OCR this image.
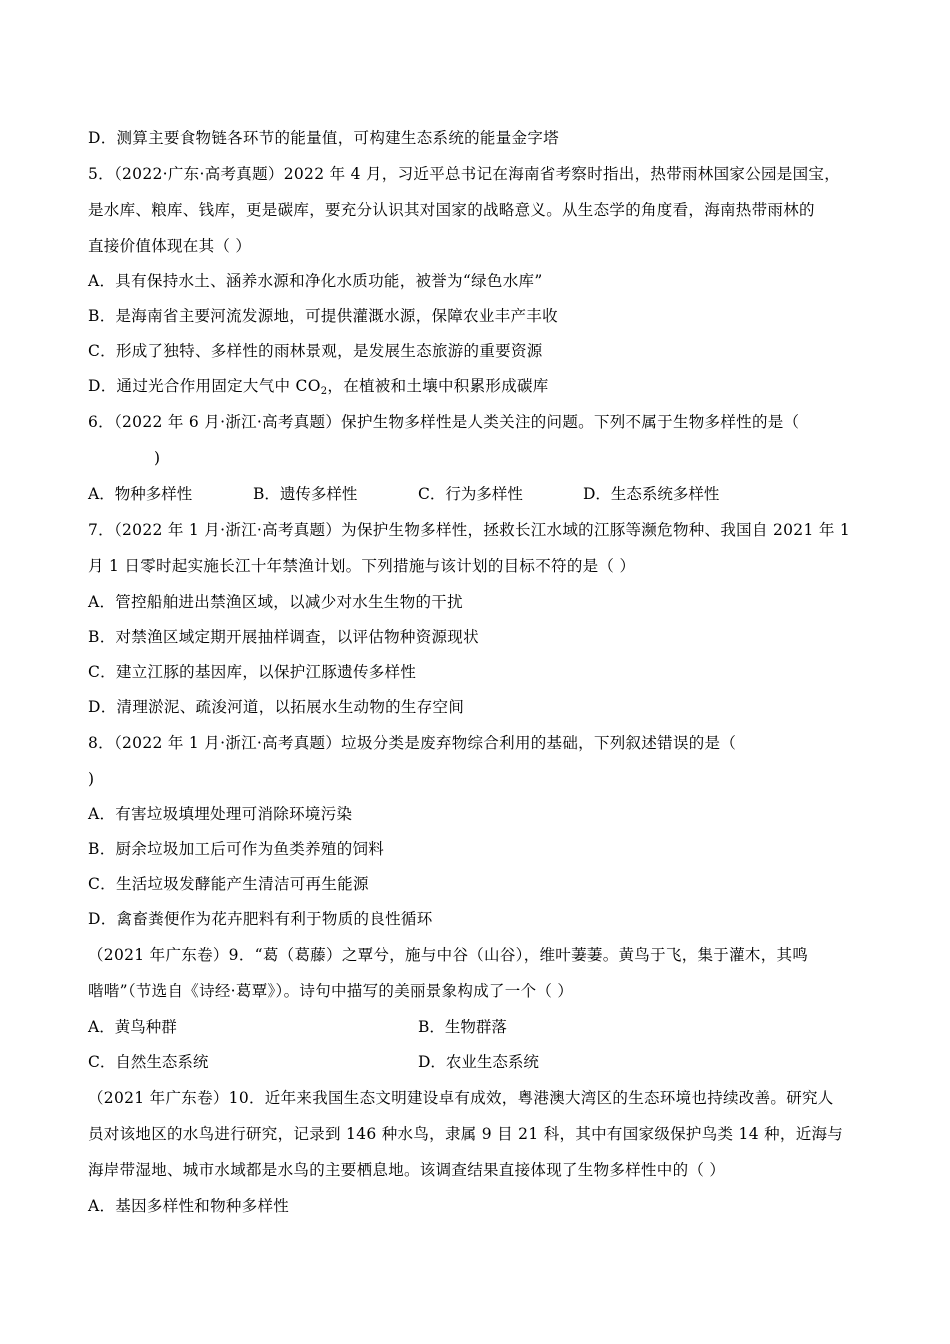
D．测算主要食物链各环节的能量值，可构建生态系统的能量金字塔
5．（2022·广东·高考真题）2022 年 4 月，习近平总书记在海南省考察时指出，热带雨林国家公园是国宝，
是水库、粮库、钱库，更是碳库，要充分认识其对国家的战略意义。从生态学的角度看，海南热带雨林的
直接价值体现在其（ ）
A．具有保持水土、涵养水源和净化水质功能，被誉为“绿色水库”
B．是海南省主要河流发源地，可提供灌溉水源，保障农业丰产丰收
C．形成了独特、多样性的雨林景观，是发展生态旅游的重要资源
D．通过光合作用固定大气中 $CO_2$，在植被和土壤中积累形成碳库
6．（2022 年 6 月·浙江·高考真题）保护生物多样性是人类关注的问题。下列不属于生物多样性的是（
)
A．物种多样性	B．遗传多样性	C．行为多样性	D．生态系统多样性
7．（2022 年 1 月·浙江·高考真题）为保护生物多样性，拯救长江水域的江豚等濒危物种、我国自 2021 年 1
月 1 日零时起实施长江十年禁渔计划。下列措施与该计划的目标不符的是（ ）
A．管控船舶进出禁渔区域，以减少对水生生物的干扰
B．对禁渔区域定期开展抽样调查，以评估物种资源现状
C．建立江豚的基因库，以保护江豚遗传多样性
D．清理淤泥、疏浚河道，以拓展水生动物的生存空间
8．（2022 年 1 月·浙江·高考真题）垃圾分类是废弃物综合利用的基础，下列叙述错误的是（
)
A．有害垃圾填埋处理可消除环境污染
B．厨余垃圾加工后可作为鱼类养殖的饲料
C．生活垃圾发酵能产生清洁可再生能源
D．禽畜粪便作为花卉肥料有利于物质的良性循环
（2021 年广东卷）9．“葛（葛藤）之覃兮，施与中谷（山谷），维叶萋萋。黄鸟于飞，集于灌木，其鸣
喈喈”（节选自《诗经·葛覃》）。诗句中描写的美丽景象构成了一个（ ）
A．黄鸟种群	B．生物群落
C．自然生态系统	D．农业生态系统
（2021 年广东卷）10．近年来我国生态文明建设卓有成效，粤港澳大湾区的生态环境也持续改善。研究人
员对该地区的水鸟进行研究，记录到 146 种水鸟，隶属 9 目 21 科，其中有国家级保护鸟类 14 种，近海与
海岸带湿地、城市水域都是水鸟的主要栖息地。该调查结果直接体现了生物多样性中的（ ）
A．基因多样性和物种多样性
